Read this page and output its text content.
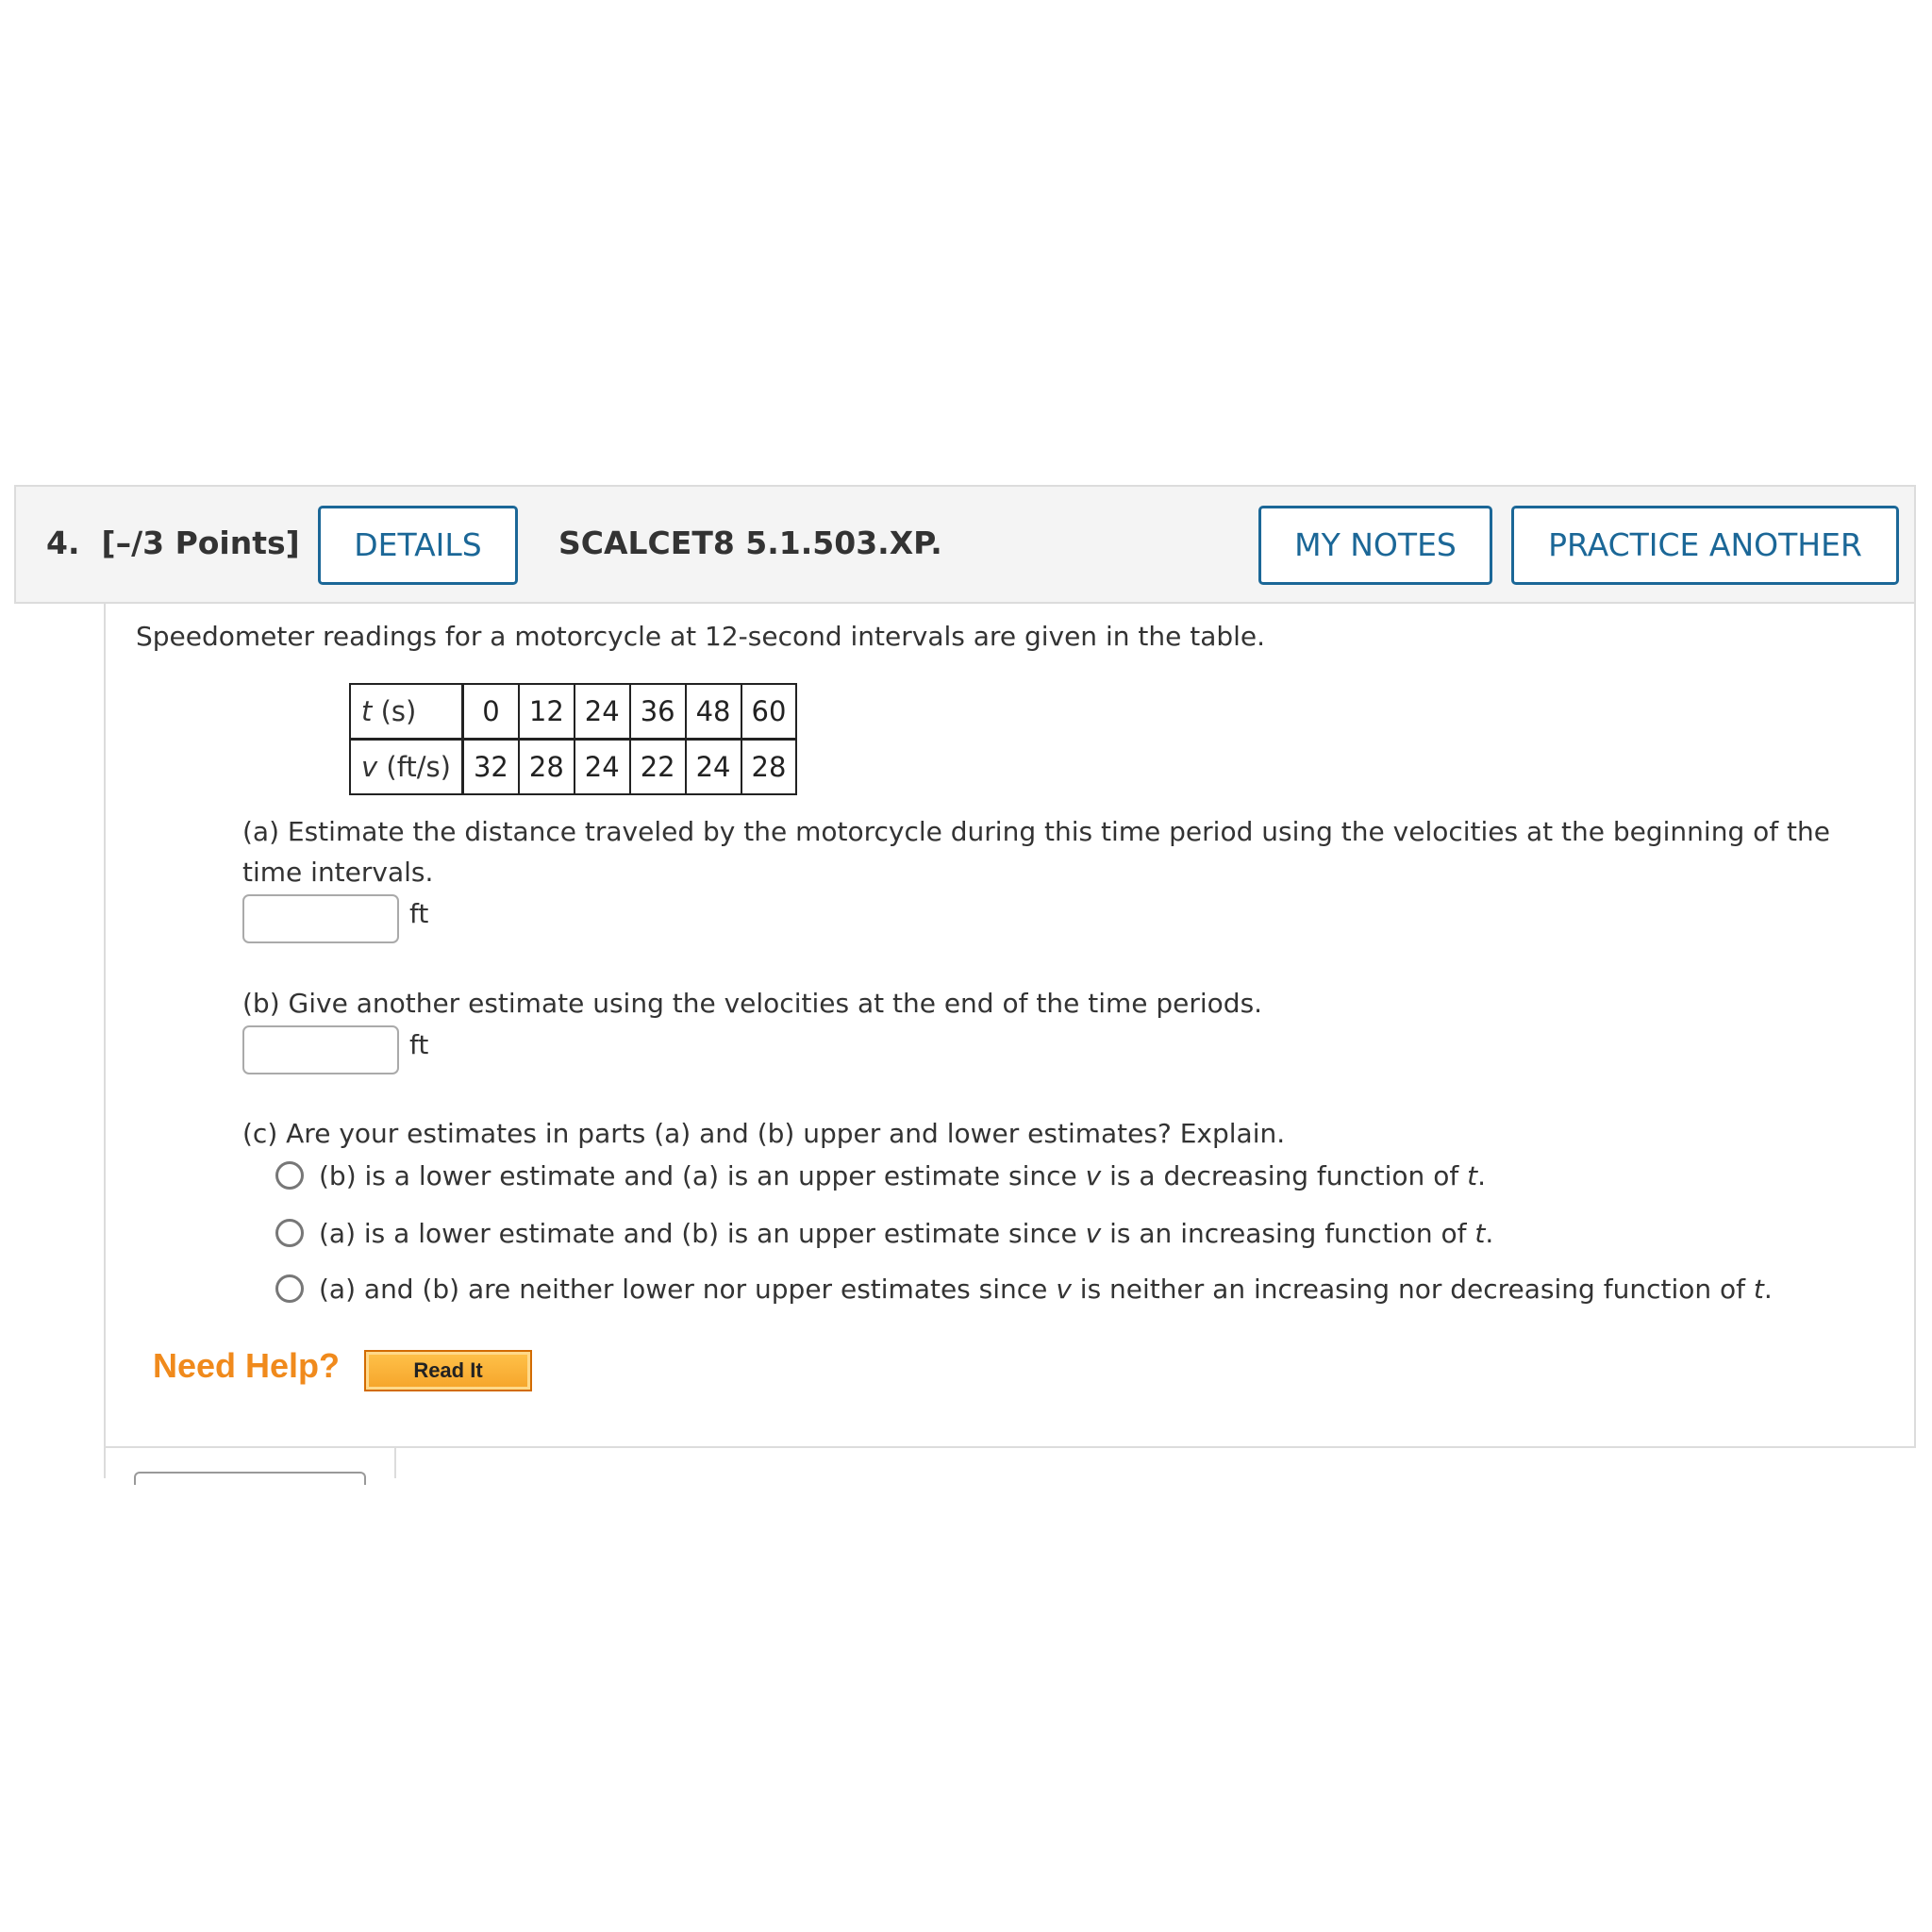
4. [–/3 Points]	DETAILS	SCALCET8 5.1.503.XP.	MY NOTES	PRACTICE ANOTHER
Speedometer readings for a motorcycle at 12-second intervals are given in the table.
t (s)	0	12	24	36	48	60
v (ft/s)	32	28	24	22	24	28
(a) Estimate the distance traveled by the motorcycle during this time period using the velocities at the beginning of the time intervals.
ft
(b) Give another estimate using the velocities at the end of the time periods.
ft
(c) Are your estimates in parts (a) and (b) upper and lower estimates? Explain.
(b) is a lower estimate and (a) is an upper estimate since v is a decreasing function of t.
(a) is a lower estimate and (b) is an upper estimate since v is an increasing function of t.
(a) and (b) are neither lower nor upper estimates since v is neither an increasing nor decreasing function of t.
Need Help?	Read It
